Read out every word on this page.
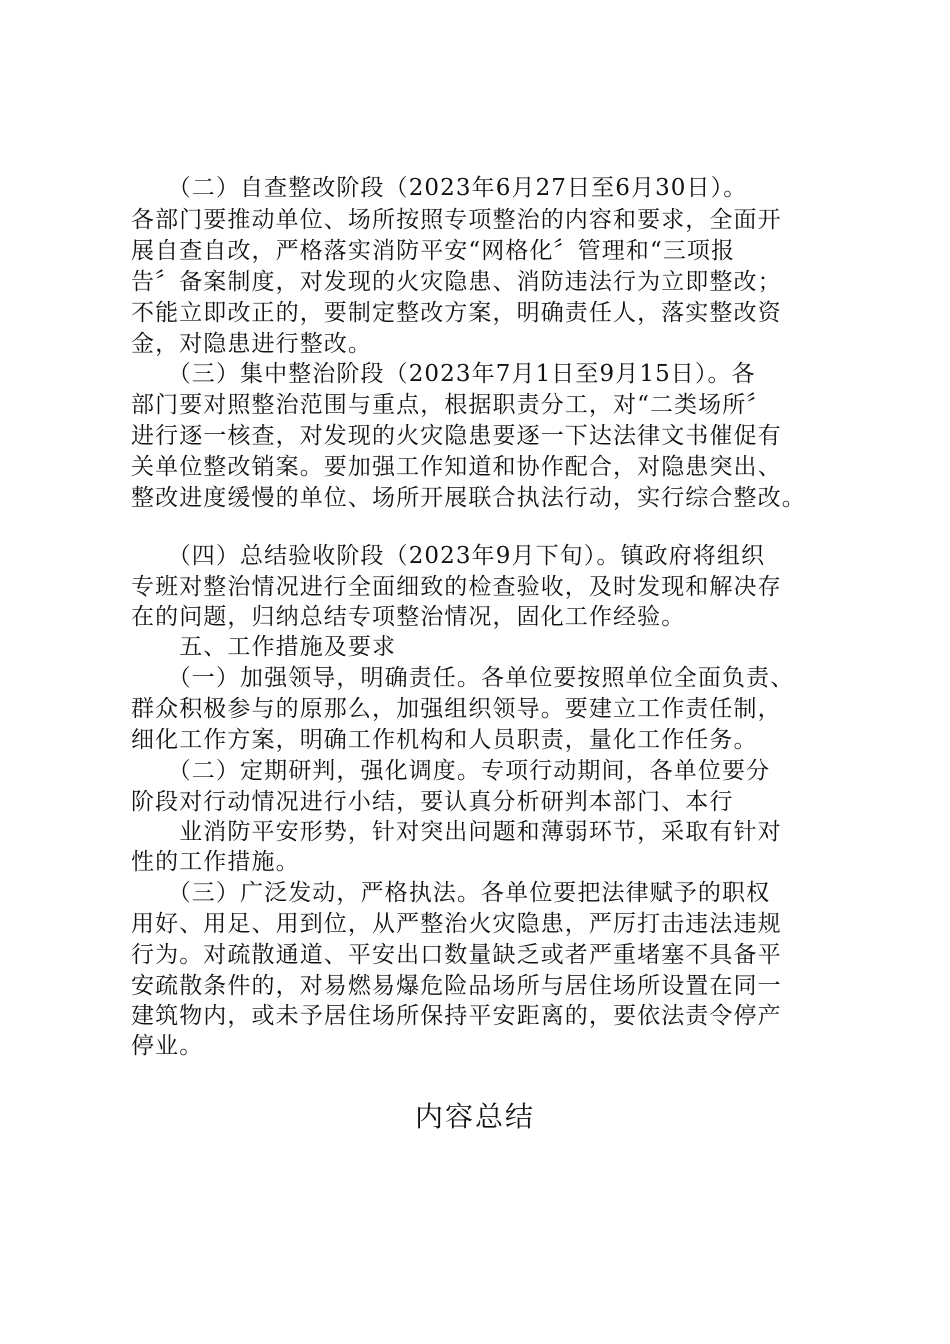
　　（二）自查整改阶段（2023年6月27日至6月30日）。
各部门要推动单位、场所按照专项整治的内容和要求，全面开
展自查自改，严格落实消防平安“网格化〞管理和“三项报
告〞备案制度，对发现的火灾隐患、消防违法行为立即整改；
不能立即改正的，要制定整改方案，明确责任人，落实整改资
金，对隐患进行整改。
　　（三）集中整治阶段（2023年7月1日至9月15日）。各
部门要对照整治范围与重点，根据职责分工，对“二类场所〞
进行逐一核查，对发现的火灾隐患要逐一下达法律文书催促有
关单位整改销案。要加强工作知道和协作配合，对隐患突出、
整改进度缓慢的单位、场所开展联合执法行动，实行综合整改。
　　（四）总结验收阶段（2023年9月下旬）。镇政府将组织
专班对整治情况进行全面细致的检查验收，及时发现和解决存
在的问题，归纳总结专项整治情况，固化工作经验。
　　五、工作措施及要求
　　（一）加强领导，明确责任。各单位要按照单位全面负责、
群众积极参与的原那么，加强组织领导。要建立工作责任制，
细化工作方案，明确工作机构和人员职责，量化工作任务。
　　（二）定期研判，强化调度。专项行动期间，各单位要分
阶段对行动情况进行小结，要认真分析研判本部门、本行
　　业消防平安形势，针对突出问题和薄弱环节，采取有针对
性的工作措施。
　　（三）广泛发动，严格执法。各单位要把法律赋予的职权
用好、用足、用到位，从严整治火灾隐患，严厉打击违法违规
行为。对疏散通道、平安出口数量缺乏或者严重堵塞不具备平
安疏散条件的，对易燃易爆危险品场所与居住场所设置在同一
建筑物内，或未予居住场所保持平安距离的，要依法责令停产
停业。
内容总结
